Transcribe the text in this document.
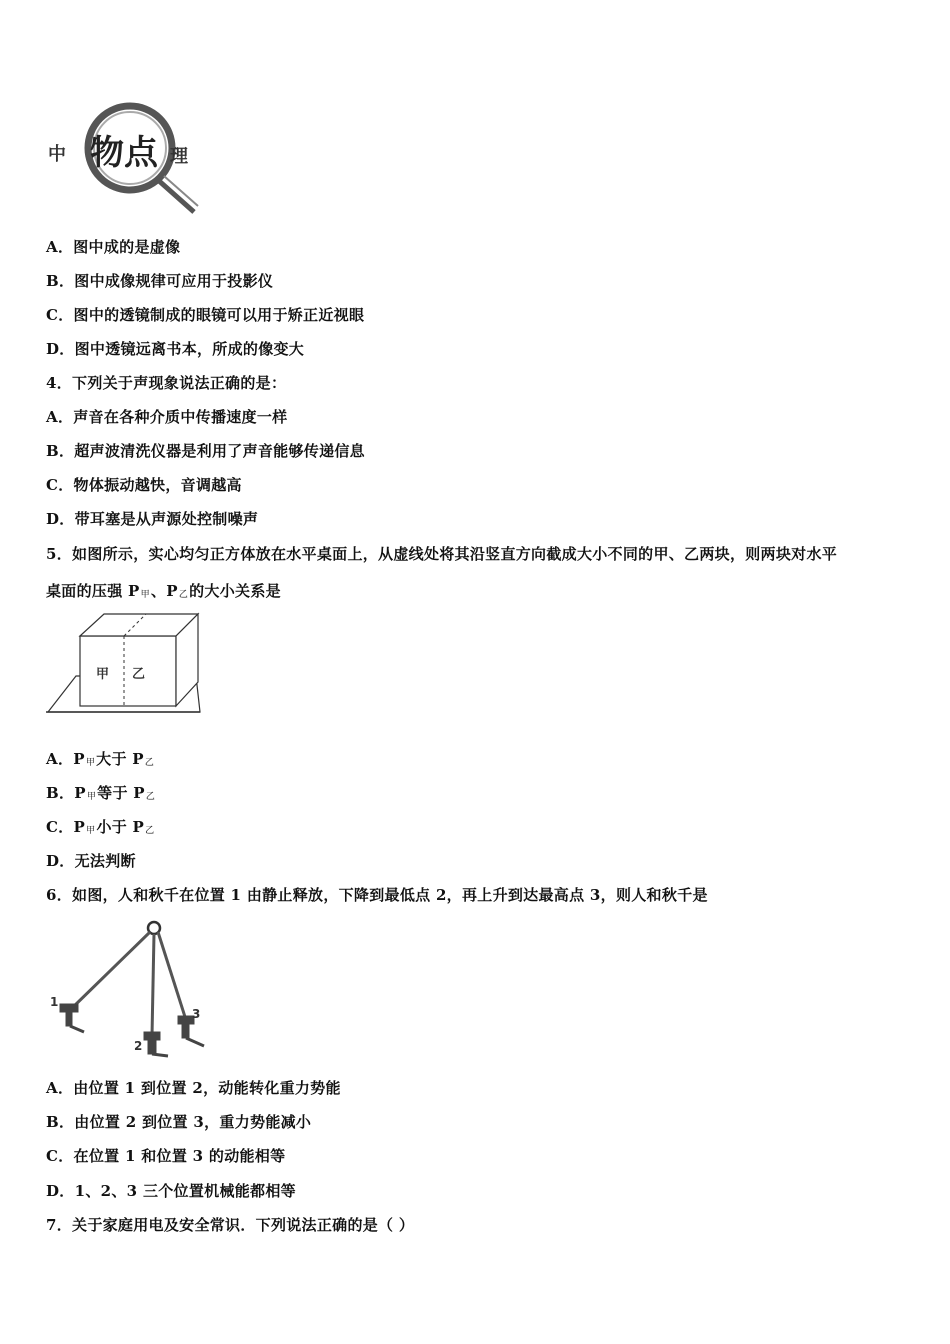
中 物点 理
A．图中成的是虚像
B．图中成像规律可应用于投影仪
C．图中的透镜制成的眼镜可以用于矫正近视眼
D．图中透镜远离书本，所成的像变大
4．下列关于声现象说法正确的是：
A．声音在各种介质中传播速度一样
B．超声波清洗仪器是利用了声音能够传递信息
C．物体振动越快，音调越高
D．带耳塞是从声源处控制噪声
5．如图所示，实心均匀正方体放在水平桌面上，从虚线处将其沿竖直方向截成大小不同的甲、乙两块，则两块对水平
桌面的压强 P甲、P乙的大小关系是
甲 乙
A．P甲大于 P乙
B．P甲等于 P乙
C．P甲小于 P乙
D．无法判断
6．如图，人和秋千在位置 1 由静止释放，下降到最低点 2，再上升到达最高点 3，则人和秋千是
1
2
3
A．由位置 1 到位置 2，动能转化重力势能
B．由位置 2 到位置 3，重力势能减小
C．在位置 1 和位置 3 的动能相等
D．1、2、3 三个位置机械能都相等
7．关于家庭用电及安全常识．下列说法正确的是（ ）
